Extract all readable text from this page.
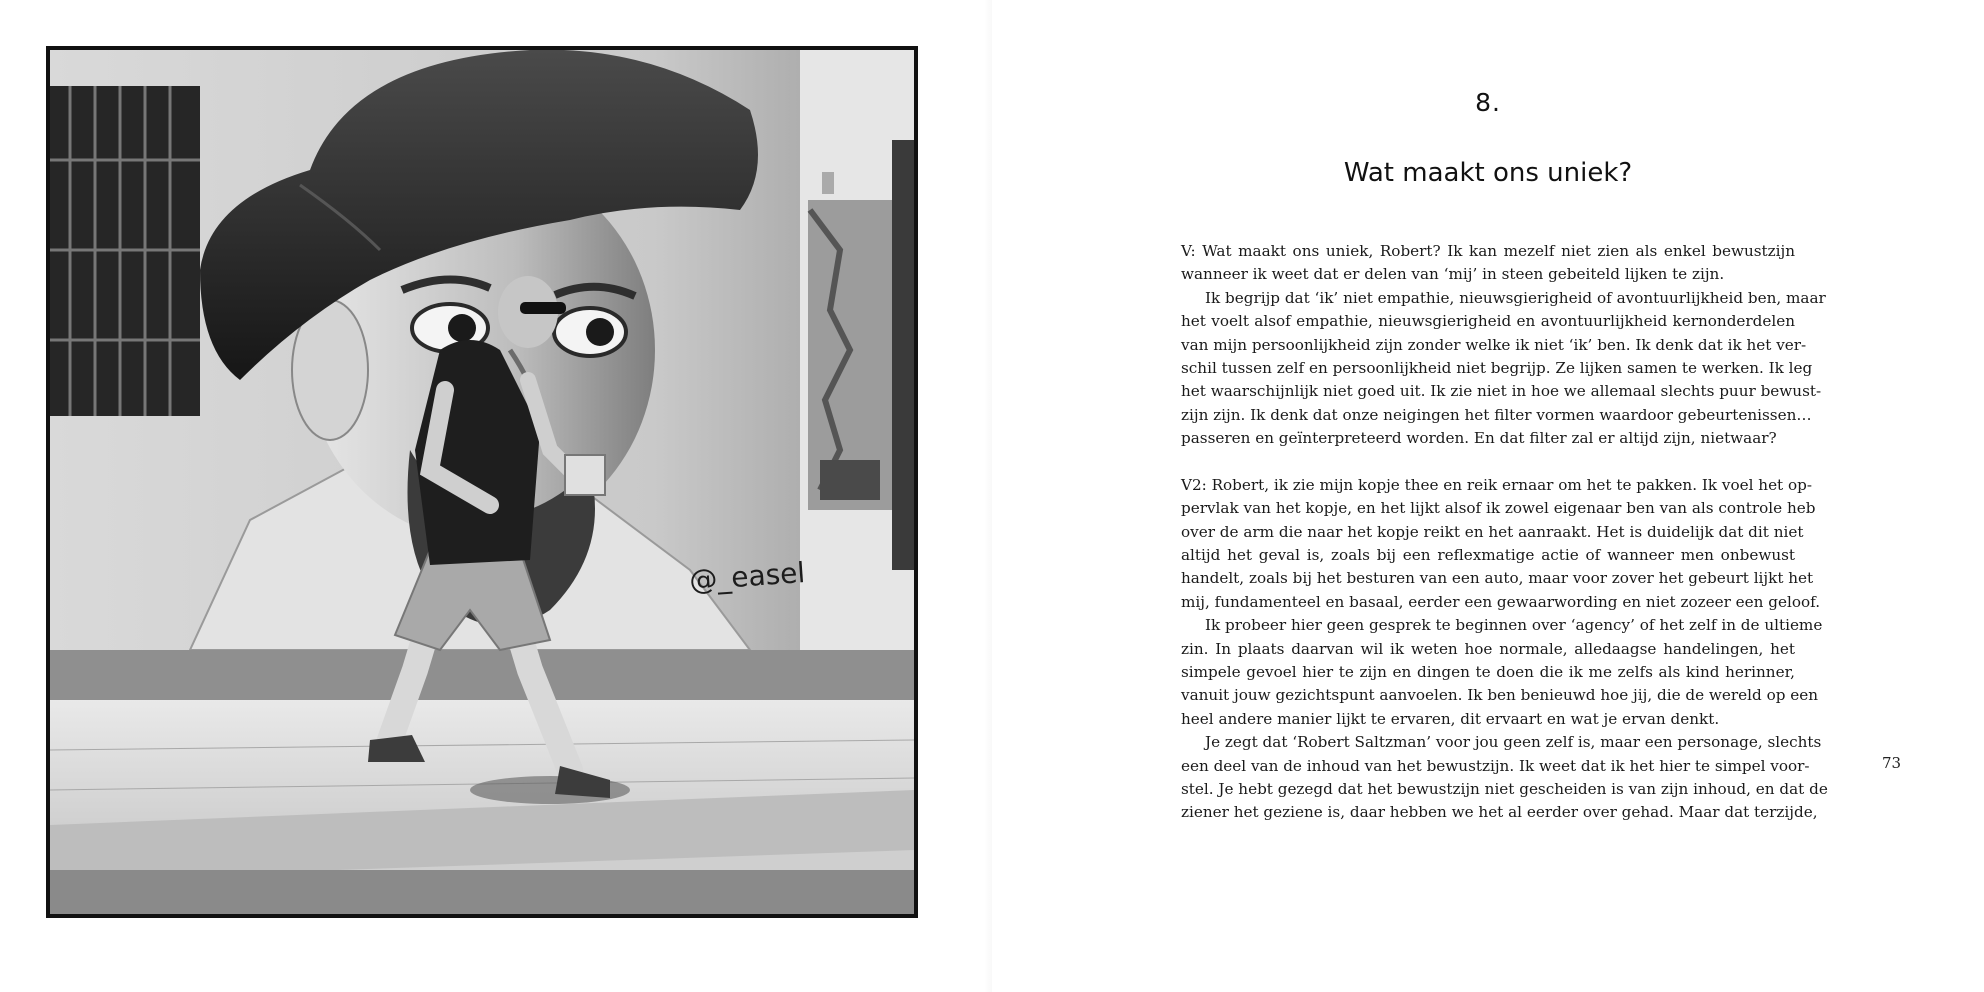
@_easel
8.
Wat maakt ons uniek?
V: Wat maakt ons uniek, Robert? Ik kan mezelf niet zien als enkel bewustzijn
wanneer ik weet dat er delen van ‘mij’ in steen gebeiteld lijken te zijn.
Ik begrijp dat ‘ik’ niet empathie, nieuwsgierigheid of avontuurlijkheid ben, maar
het voelt alsof empathie, nieuwsgierigheid en avontuurlijkheid kernonderdelen
van mijn persoonlijkheid zijn zonder welke ik niet ‘ik’ ben. Ik denk dat ik het ver-
schil tussen zelf en persoonlijkheid niet begrijp. Ze lijken samen te werken. Ik leg
het waarschijnlijk niet goed uit. Ik zie niet in hoe we allemaal slechts puur bewust-
zijn zijn. Ik denk dat onze neigingen het filter vormen waardoor gebeurtenissen…
passeren en geïnterpreteerd worden. En dat filter zal er altijd zijn, nietwaar?
V2: Robert, ik zie mijn kopje thee en reik ernaar om het te pakken. Ik voel het op-
pervlak van het kopje, en het lijkt alsof ik zowel eigenaar ben van als controle heb
over de arm die naar het kopje reikt en het aanraakt. Het is duidelijk dat dit niet
altijd het geval is, zoals bij een reflexmatige actie of wanneer men onbewust
handelt, zoals bij het besturen van een auto, maar voor zover het gebeurt lijkt het
mij, fundamenteel en basaal, eerder een gewaarwording en niet zozeer een geloof.
Ik probeer hier geen gesprek te beginnen over ‘agency’ of het zelf in de ultieme
zin. In plaats daarvan wil ik weten hoe normale, alledaagse handelingen, het
simpele gevoel hier te zijn en dingen te doen die ik me zelfs als kind herinner,
vanuit jouw gezichtspunt aanvoelen. Ik ben benieuwd hoe jij, die de wereld op een
heel andere manier lijkt te ervaren, dit ervaart en wat je ervan denkt.
Je zegt dat ‘Robert Saltzman’ voor jou geen zelf is, maar een personage, slechts
een deel van de inhoud van het bewustzijn. Ik weet dat ik het hier te simpel voor-
stel. Je hebt gezegd dat het bewustzijn niet gescheiden is van zijn inhoud, en dat de
ziener het geziene is, daar hebben we het al eerder over gehad. Maar dat terzijde,
73
